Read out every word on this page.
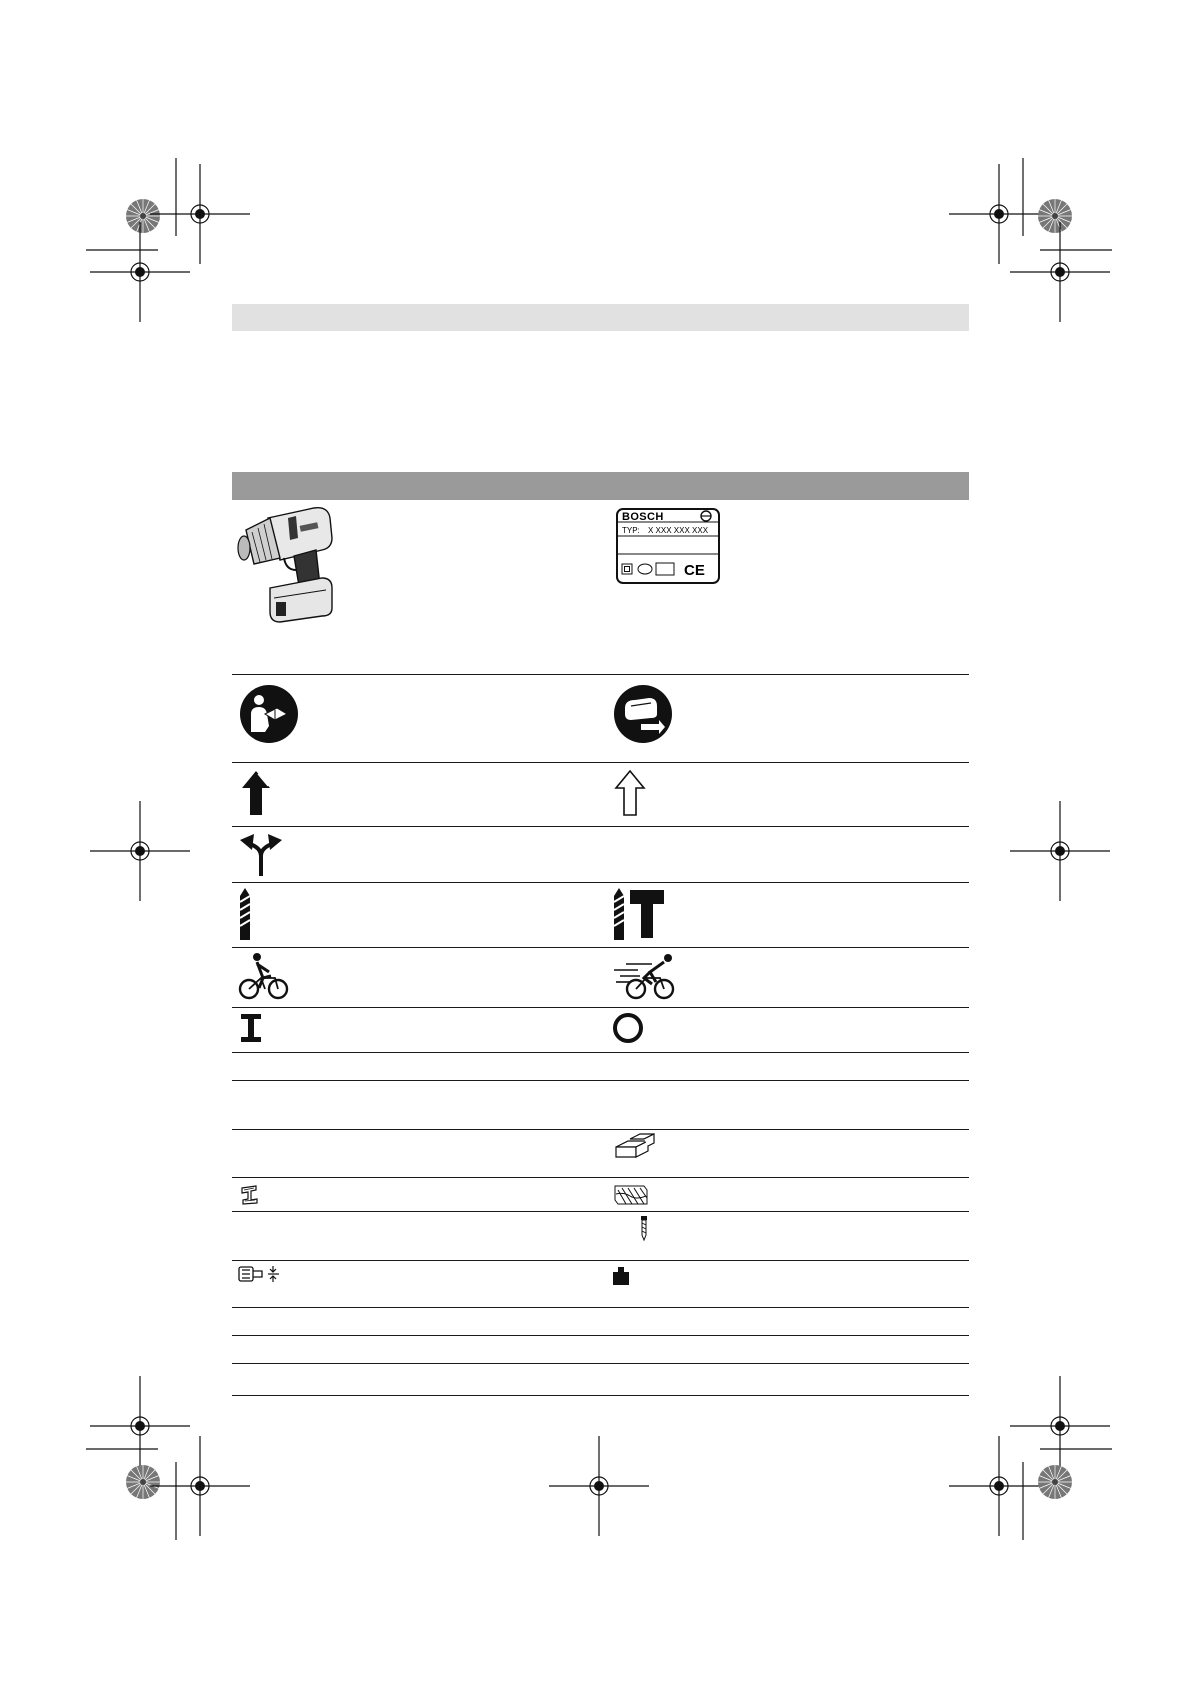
BOSCH
TYP: X XXX XXX XXX
CE
